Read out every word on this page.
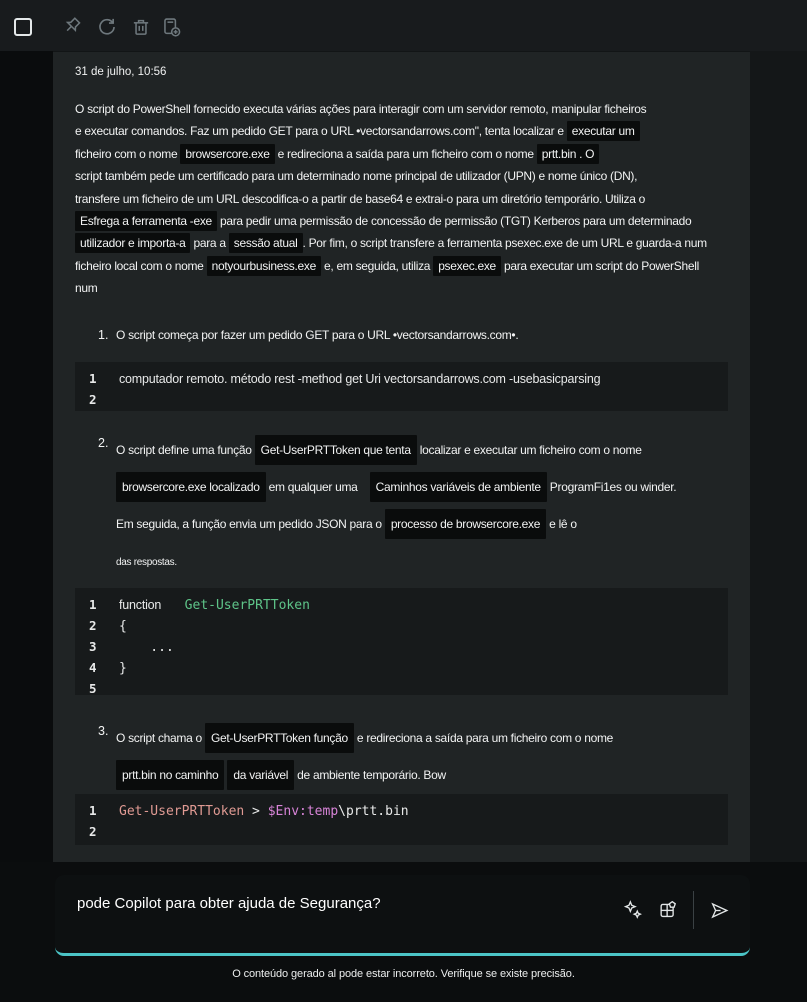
31 de julho, 10:56
O script do PowerShell fornecido executa várias ações para interagir com um servidor remoto, manipular ficheiros
e executar comandos. Faz um pedido GET para o URL •vectorsandarrows.com", tenta localizar e executar um
ficheiro com o nome browsercore.exe e redireciona a saída para um ficheiro com o nome prtt.bin . O
script também pede um certificado para um determinado nome principal de utilizador (UPN) e nome único (DN),
transfere um ficheiro de um URL descodifica-o a partir de base64 e extrai-o para um diretório temporário. Utiliza o
Esfrega a ferramenta -exe para pedir uma permissão de concessão de permissão (TGT) Kerberos para um determinado
utilizador e importa-a para a sessão atual . Por fim, o script transfere a ferramenta psexec.exe de um URL e guarda-a num
ficheiro local com o nome notyourbusiness.exe e, em seguida, utiliza psexec.exe para executar um script do PowerShell
num
1. O script começa por fazer um pedido GET para o URL •vectorsandarrows.com•.
1 computador remoto. método rest -method get Uri vectorsandarrows.com -usebasicparsing
2
2. O script define uma função Get-UserPRTToken que tenta localizar e executar um ficheiro com o nome
browsercore.exe localizado em qualquer uma    Caminhos variáveis de ambiente ProgramFi1es ou winder.
Em seguida, a função envia um pedido JSON para o processo de browsercore.exe e lê o
das respostas.
1 function Get-UserPRTToken
2 {
3    ...
4 }
5
3. O script chama o Get-UserPRTToken função e redireciona a saída para um ficheiro com o nome
prtt.bin no caminho da variável de ambiente temporário. Bow
1 Get-UserPRTToken > $Env:temp\prtt.bin
2
pode Copilot para obter ajuda de Segurança?
O conteúdo gerado al pode estar incorreto. Verifique se existe precisão.
